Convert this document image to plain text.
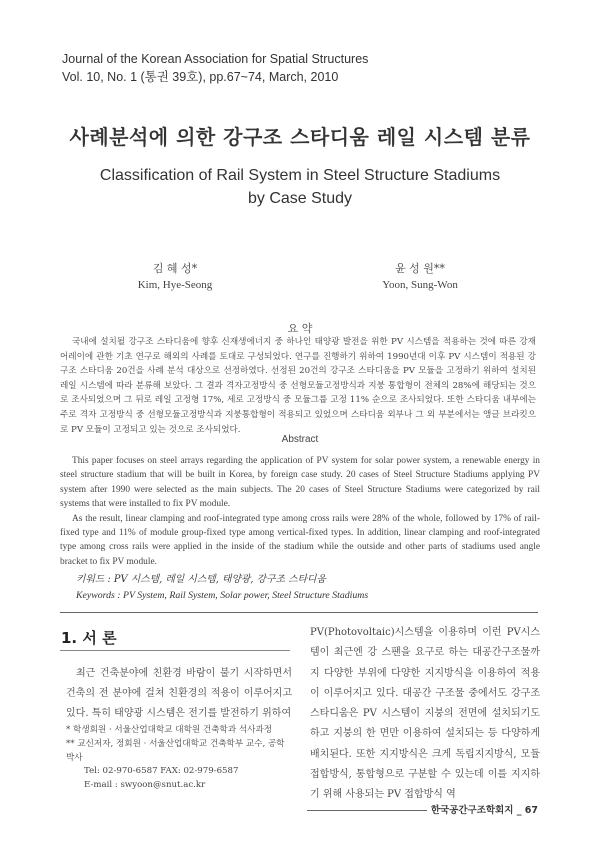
Journal of the Korean Association for Spatial Structures
Vol. 10, No. 1 (통권 39호), pp.67~74, March, 2010
사례분석에 의한 강구조 스타디움 레일 시스템 분류
Classification of Rail System in Steel Structure Stadiums
by Case Study
김 혜 성*
Kim, Hye-Seong
윤 성 원**
Yoon, Sung-Won
요 약

국내에 설치될 강구조 스타디움에 향후 신재생에너지 중 하나인 태양광 발전을 위한 PV 시스템을 적용하는 것에 따른 강재 어레이에 관한 기초 연구로 해외의 사례를 토대로 구성되었다. 연구를 진행하기 위하여 1990년대 이후 PV 시스템이 적용된 강구조 스타디움 20건을 사례 분석 대상으로 선정하였다. 선정된 20건의 강구조 스타디움을 PV 모듈을 고정하기 위하여 설치된 레일 시스템에 따라 분류해 보았다. 그 결과 격자고정방식 중 선형모듈고정방식과 지붕 통합형이 전체의 28%에 해당되는 것으로 조사되었으며 그 뒤로 레일 고정형 17%, 세로 고정방식 중 모듈그룹 고정 11% 순으로 조사되었다. 또한 스타디움 내부에는 주로 격자 고정방식 중 선형모듈고정방식과 지붕통합형이 적용되고 있었으며 스타디움 외부나 그 외 부분에서는 앵글 브라킷으로 PV 모듈이 고정되고 있는 것으로 조사되었다.

Abstract

This paper focuses on steel arrays regarding the application of PV system for solar power system, a renewable energy in steel structure stadium that will be built in Korea, by foreign case study. 20 cases of Steel Structure Stadiums applying PV system after 1990 were selected as the main subjects. The 20 cases of Steel Structure Stadiums were categorized by rail systems that were installed to fix PV module.

As the result, linear clamping and roof-integrated type among cross rails were 28% of the whole, followed by 17% of rail-fixed type and 11% of module group-fixed type among vertical-fixed types. In addition, linear clamping and roof-integrated type among cross rails were applied in the inside of the stadium while the outside and other parts of stadiums used angle bracket to fix PV module.

키워드 : PV 시스템, 레일 시스템, 태양광, 강구조 스타디움
Keywords : PV System, Rail System, Solar power, Steel Structure Stadiums
1. 서 론

최근 건축분야에 친환경 바람이 불기 시작하면서 건축의 전 분야에 걸쳐 친환경의 적용이 이루어지고 있다. 특히 태양광 시스템은 전기를 발전하기 위하여

* 학생회원 · 서울산업대학교 대학원 건축학과 석사과정
** 교신저자, 정회원 · 서울산업대학교 건축학부 교수, 공학박사
Tel: 02-970-6587 FAX: 02-979-6587
E-mail : swyoon@snut.ac.kr

PV(Photovoltaic)시스템을 이용하며 이런 PV시스템이 최근엔 강 스팬을 요구로 하는 대공간구조물까지 다양한 부위에 다양한 지지방식을 이용하여 적용이 이루어지고 있다. 대공간 구조물 중에서도 강구조 스타디움은 PV 시스템이 지붕의 전면에 설치되기도 하고 지붕의 한 면만 이용하여 설치되는 등 다양하게 배치된다. 또한 지지방식은 크게 독립지지방식, 모듈접합방식, 통합형으로 구분할 수 있는데 이를 지지하기 위해 사용되는 PV 접합방식 역

한국공간구조학회지 _ 67
